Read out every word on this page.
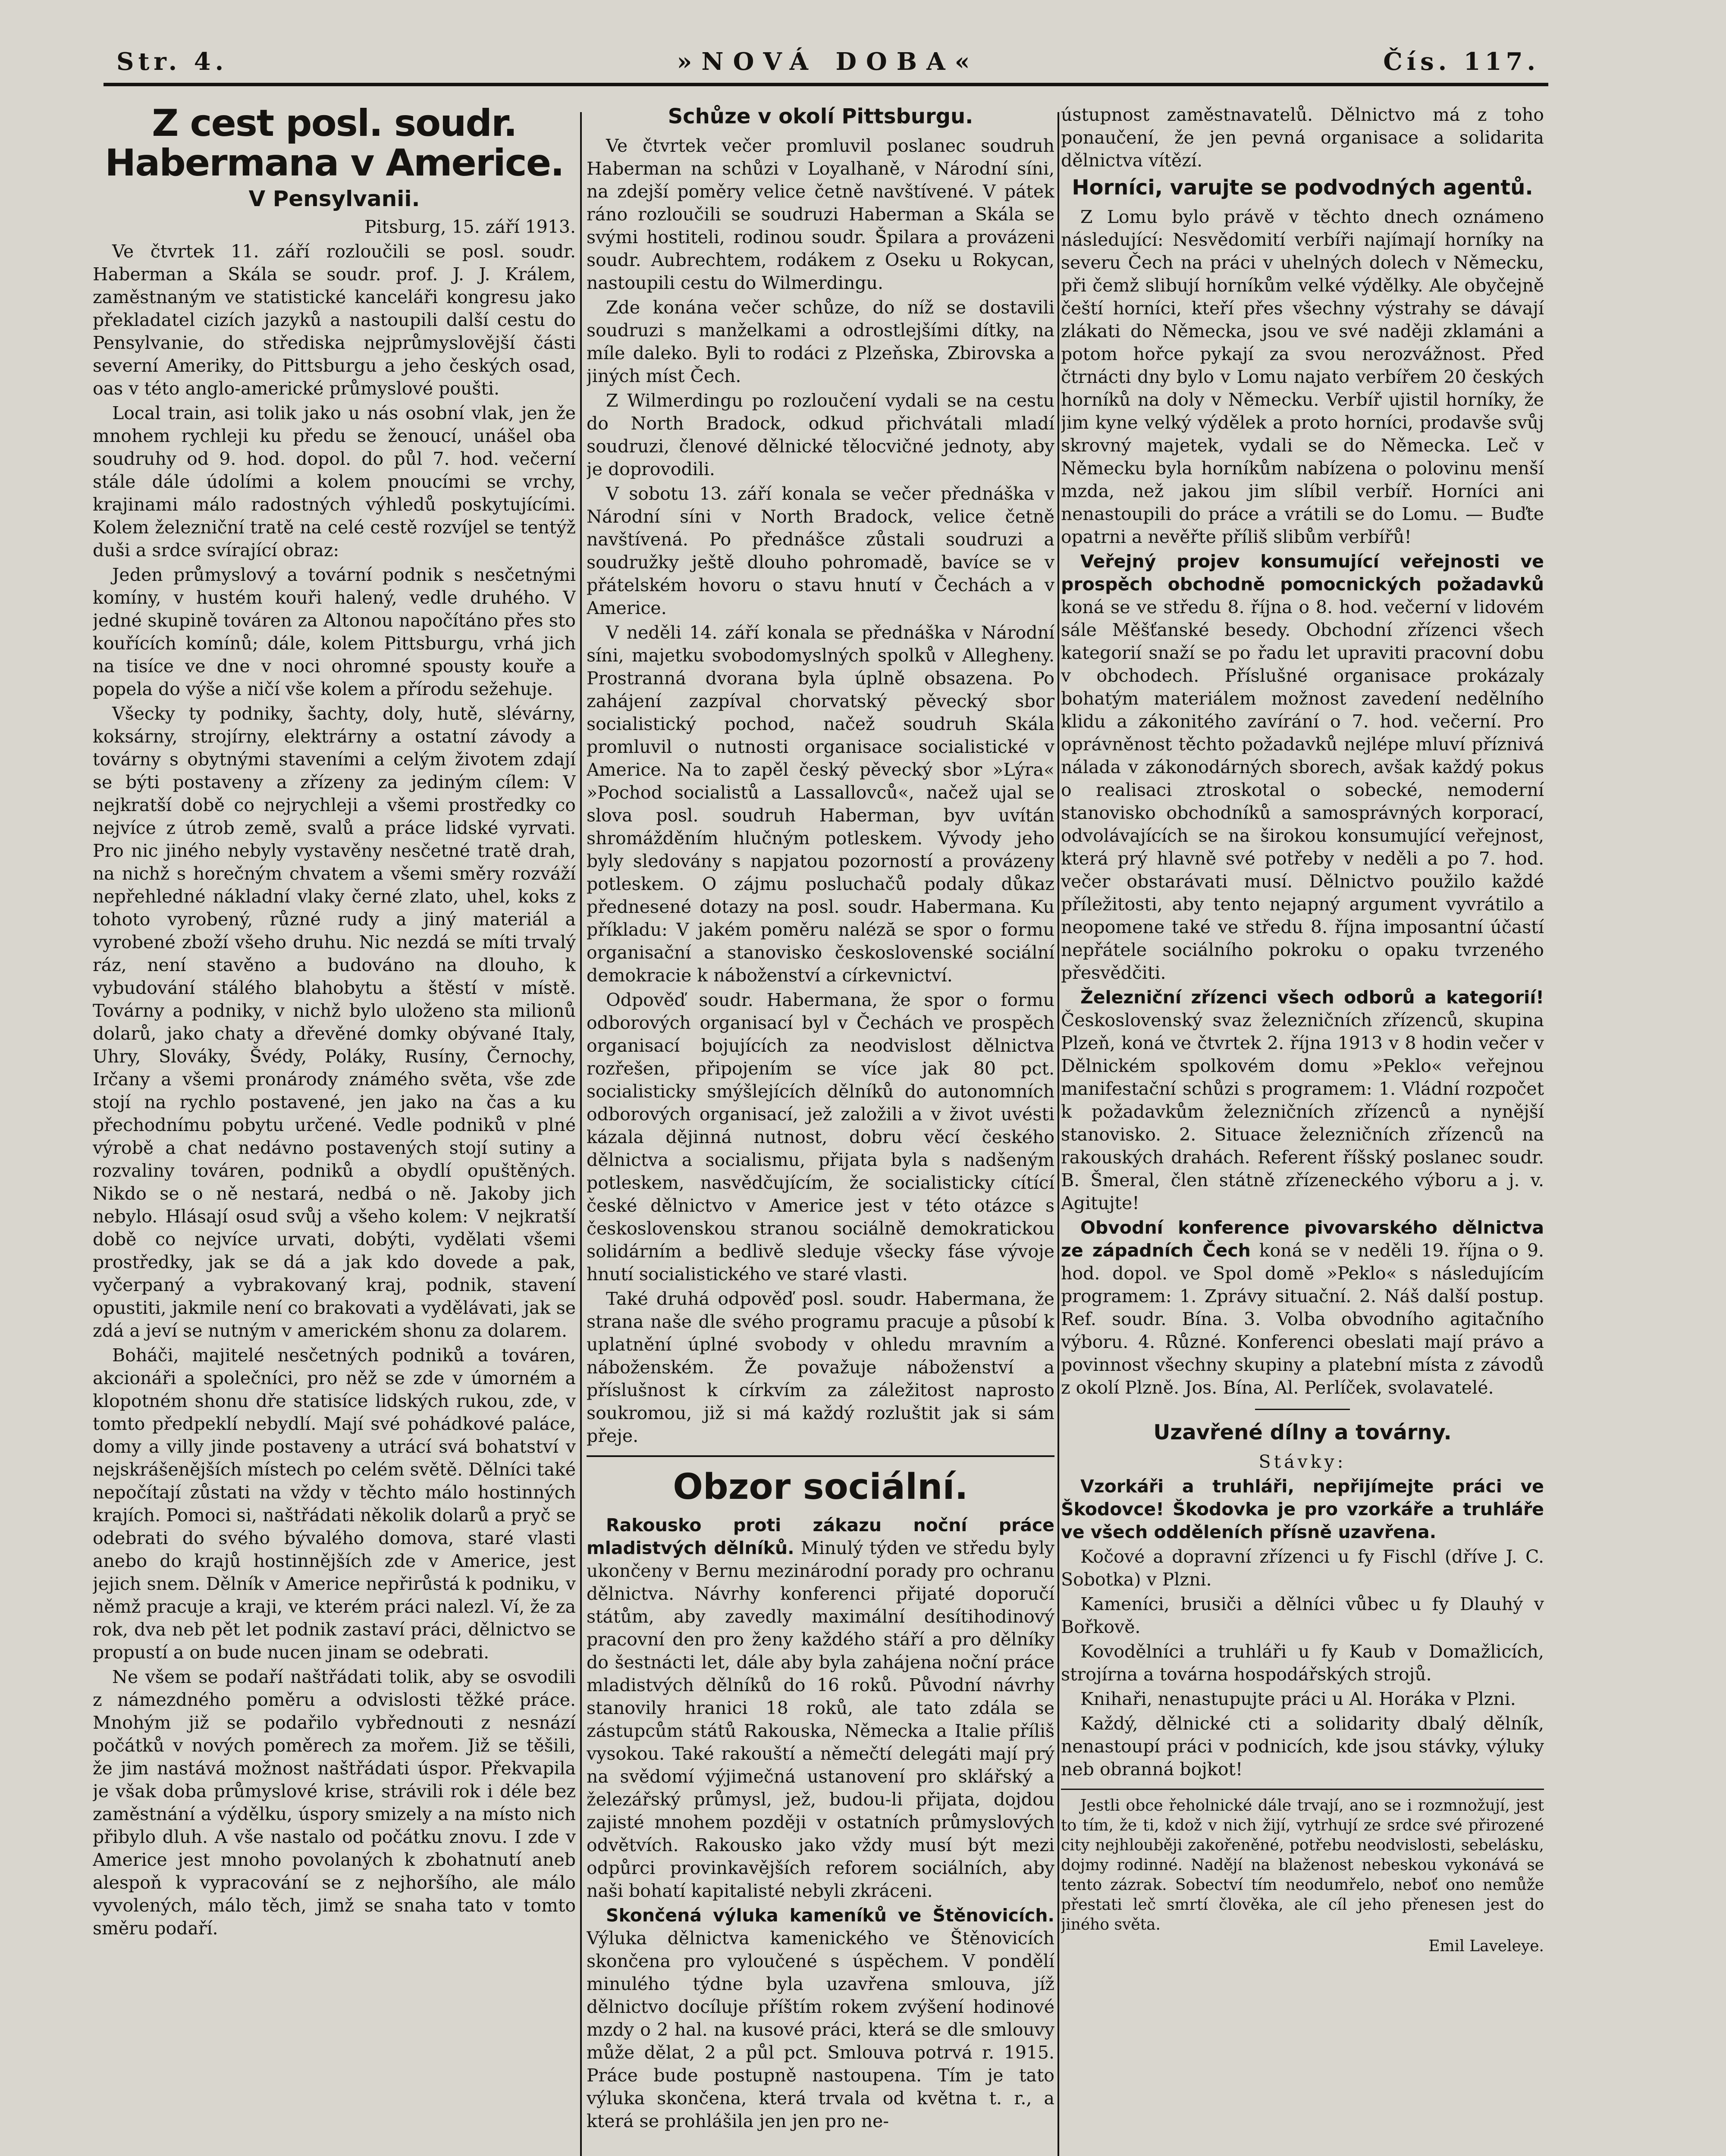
Str. 4.	»NOVÁ DOBA«	Čís. 117.
Z cest posl. soudr. Habermana v Americe.
V Pensylvanii.

Pitsburg, 15. září 1913.

Ve čtvrtek 11. září rozloučili se posl. soudr. Haberman a Skála se soudr. prof. J. J. Králem, zaměstnaným ve statistické kanceláři kongresu jako překladatel cizích jazyků a nastoupili další cestu do Pensylvanie, do střediska nejprůmyslovější části severní Ameriky, do Pittsburgu a jeho českých osad, oas v této anglo-americké průmyslové poušti.

Local train, asi tolik jako u nás osobní vlak, jen že mnohem rychleji ku předu se ženoucí, unášel oba soudruhy od 9. hod. dopol. do půl 7. hod. večerní stále dále údolími a kolem pnoucími se vrchy, krajinami málo radostných výhledů poskytujícími. Kolem železniční tratě na celé cestě rozvíjel se tentýž duši a srdce svírající obraz:

Jeden průmyslový a tovární podnik s nesčetnými komíny, v hustém kouři halený, vedle druhého. V jedné skupině továren za Altonou napočítáno přes sto kouřících komínů; dále, kolem Pittsburgu, vrhá jich na tisíce ve dne v noci ohromné spousty kouře a popela do výše a ničí vše kolem a přírodu sežehuje.

Všecky ty podniky, šachty, doly, hutě, slévárny, koksárny, strojírny, elektrárny a ostatní závody a továrny s obytnými staveními a celým životem zdají se býti postaveny a zřízeny za jediným cílem: V nejkratší době co nejrychleji a všemi prostředky co nejvíce z útrob země, svalů a práce lidské vyrvati. Pro nic jiného nebyly vystavěny nesčetné tratě drah, na nichž s horečným chvatem a všemi směry rozváží nepřehledné nákladní vlaky černé zlato, uhel, koks z tohoto vyrobený, různé rudy a jiný materiál a vyrobené zboží všeho druhu. Nic nezdá se míti trvalý ráz, není stavěno a budováno na dlouho, k vybudování stálého blahobytu a štěstí v místě. Továrny a podniky, v nichž bylo uloženo sta milionů dolarů, jako chaty a dřevěné domky obývané Italy, Uhry, Slováky, Švédy, Poláky, Rusíny, Černochy, Irčany a všemi pronárody známého světa, vše zde stojí na rychlo postavené, jen jako na čas a ku přechodnímu pobytu určené. Vedle podniků v plné výrobě a chat nedávno postavených stojí sutiny a rozvaliny továren, podniků a obydlí opuštěných. Nikdo se o ně nestará, nedbá o ně. Jakoby jich nebylo. Hlásají osud svůj a všeho kolem: V nejkratší době co nejvíce urvati, dobýti, vydělati všemi prostředky, jak se dá a jak kdo dovede a pak, vyčerpaný a vybrakovaný kraj, podnik, stavení opustiti, jakmile není co brakovati a vydělávati, jak se zdá a jeví se nutným v americkém shonu za dolarem.

Boháči, majitelé nesčetných podniků a továren, akcionáři a společníci, pro něž se zde v úmorném a klopotném shonu dře statisíce lidských rukou, zde, v tomto předpeklí nebydlí. Mají své pohádkové paláce, domy a villy jinde postaveny a utrácí svá bohatství v nejskrášenějších místech po celém světě. Dělníci také nepočítají zůstati na vždy v těchto málo hostinných krajích. Pomoci si, naštřádati několik dolarů a pryč se odebrati do svého bývalého domova, staré vlasti anebo do krajů hostinnějších zde v Americe, jest jejich snem. Dělník v Americe nepřirůstá k podniku, v němž pracuje a kraji, ve kterém práci nalezl. Ví, že za rok, dva neb pět let podnik zastaví práci, dělnictvo se propustí a on bude nucen jinam se odebrati.

Ne všem se podaří naštřádati tolik, aby se osvodili z námezdného poměru a odvislosti těžké práce. Mnohým již se podařilo vybřednouti z nesnází počátků v nových poměrech za mořem. Již se těšili, že jim nastává možnost naštřádati úspor. Překvapila je však doba průmyslové krise, strávili rok i déle bez zaměstnání a výdělku, úspory smizely a na místo nich přibylo dluh. A vše nastalo od počátku znovu. I zde v Americe jest mnoho povolaných k zbohatnutí aneb alespoň k vypracování se z nejhoršího, ale málo vyvolených, málo těch, jimž se snaha tato v tomto směru podaří.

Schůze v okolí Pittsburgu.

Ve čtvrtek večer promluvil poslanec soudruh Haberman na schůzi v Loyalhaně, v Národní síni, na zdejší poměry velice četně navštívené. V pátek ráno rozloučili se soudruzi Haberman a Skála se svými hostiteli, rodinou soudr. Špilara a provázeni soudr. Aubrechtem, rodákem z Oseku u Rokycan, nastoupili cestu do Wilmerdingu.

Zde konána večer schůze, do níž se dostavili soudruzi s manželkami a odrostlejšími dítky, na míle daleko. Byli to rodáci z Plzeňska, Zbirovska a jiných míst Čech.

Z Wilmerdingu po rozloučení vydali se na cestu do North Bradock, odkud přichvátali mladí soudruzi, členové dělnické tělocvičné jednoty, aby je doprovodili.

V sobotu 13. září konala se večer přednáška v Národní síni v North Bradock, velice četně navštívená. Po přednášce zůstali soudruzi a soudružky ještě dlouho pohromadě, bavíce se v přátelském hovoru o stavu hnutí v Čechách a v Americe.

V neděli 14. září konala se přednáška v Národní síni, majetku svobodomyslných spolků v Allegheny. Prostranná dvorana byla úplně obsazena. Po zahájení zazpíval chorvatský pěvecký sbor socialistický pochod, načež soudruh Skála promluvil o nutnosti organisace socialistické v Americe. Na to zapěl český pěvecký sbor »Lýra« »Pochod socialistů a Lassallovců«, načež ujal se slova posl. soudruh Haberman, byv uvítán shromážděním hlučným potleskem. Vývody jeho byly sledovány s napjatou pozorností a provázeny potleskem. O zájmu posluchačů podaly důkaz přednesené dotazy na posl. soudr. Habermana. Ku příkladu: V jakém poměru naléză se spor o formu organisační a stanovisko československé sociální demokracie k náboženství a církevnictví.

Odpověď soudr. Habermana, že spor o formu odborových organisací byl v Čechách ve prospěch organisací bojujících za neodvislost dělnictva rozřešen, připojením se více jak 80 pct. socialisticky smýšlejících dělníků do autonomních odborových organisací, jež založili a v život uvésti kázala dějinná nutnost, dobru věcí českého dělnictva a socialismu, přijata byla s nadšeným potleskem, nasvědčujícím, že socialisticky cítící české dělnictvo v Americe jest v této otázce s československou stranou sociálně demokratickou solidárním a bedlivě sleduje všecky fáse vývoje hnutí socialistického ve staré vlasti.

Také druhá odpověď posl. soudr. Habermana, že strana naše dle svého programu pracuje a působí k uplatnění úplné svobody v ohledu mravním a náboženském. Že považuje náboženství a příslušnost k církvím za záležitost naprosto soukromou, již si má každý rozluštit jak si sám přeje.

Obzor sociální.

Rakousko proti zákazu noční práce mladistvých dělníků. Minulý týden ve středu byly ukončeny v Bernu mezinárodní porady pro ochranu dělnictva. Návrhy konferenci přijaté doporučí státům, aby zavedly maximální desítihodinový pracovní den pro ženy každého stáří a pro dělníky do šestnácti let, dále aby byla zahájena noční práce mladistvých dělníků do 16 roků. Původní návrhy stanovily hranici 18 roků, ale tato zdála se zástupcům států Rakouska, Německa a Italie příliš vysokou. Také rakouští a němečtí delegáti mají prý na svědomí výjimečná ustanovení pro sklářský a železářský průmysl, jež, budou-li přijata, dojdou zajisté mnohem později v ostatních průmyslových odvětvích. Rakousko jako vždy musí být mezi odpůrci provinkavějších reforem sociálních, aby naši bohatí kapitalisté nebyli zkráceni.

Skončená výluka kameníků ve Štěnovicích. Výluka dělnictva kamenického ve Štěnovicích skončena pro vyloučené s úspěchem. V pondělí minulého týdne byla uzavřena smlouva, jíž dělnictvo docíluje příštím rokem zvýšení hodinové mzdy o 2 hal. na kusové práci, která se dle smlouvy může dělat, 2 a půl pct. Smlouva potrvá r. 1915. Práce bude postupně nastoupena. Tím je tato výluka skončena, která trvala od května t. r., a která se prohlášila jen jen pro ne-

ústupnost zaměstnavatelů. Dělnictvo má z toho ponaučení, že jen pevná organisace a solidarita dělnictva vítězí.

Horníci, varujte se podvodných agentů.

Z Lomu bylo právě v těchto dnech oznámeno následující: Nesvědomití verbíři najímají horníky na severu Čech na práci v uhelných dolech v Německu, při čemž slibují horníkům velké výdělky. Ale obyčejně čeští horníci, kteří přes všechny výstrahy se dávají zlákati do Německa, jsou ve své naději zklamáni a potom hořce pykají za svou nerozvážnost. Před čtrnácti dny bylo v Lomu najato verbířem 20 českých horníků na doly v Německu. Verbíř ujistil horníky, že jim kyne velký výdělek a proto horníci, prodavše svůj skrovný majetek, vydali se do Německa. Leč v Německu byla horníkům nabízena o polovinu menší mzda, než jakou jim slíbil verbíř. Horníci ani nenastoupili do práce a vrátili se do Lomu. — Buďte opatrni a nevěřte příliš slibům verbířů!

Veřejný projev konsumující veřejnosti ve prospěch obchodně pomocnických požadavků koná se ve středu 8. října o 8. hod. večerní v lidovém sále Měšťanské besedy. Obchodní zřízenci všech kategorií snaží se po řadu let upraviti pracovní dobu v obchodech. Příslušné organisace prokázaly bohatým materiálem možnost zavedení nedělního klidu a zákonitého zavírání o 7. hod. večerní. Pro oprávněnost těchto požadavků nejlépe mluví příznivá nálada v zákonodárných sborech, avšak každý pokus o realisaci ztroskotal o sobecké, nemoderní stanovisko obchodníků a samosprávných korporací, odvolávajících se na širokou konsumující veřejnost, která prý hlavně své potřeby v neděli a po 7. hod. večer obstarávati musí. Dělnictvo použilo každé příležitosti, aby tento nejapný argument vyvrátilo a neopomene také ve středu 8. října imposantní účastí nepřátele sociálního pokroku o opaku tvrzeného přesvědčiti.

Železniční zřízenci všech odborů a kategorií! Československý svaz železničních zřízenců, skupina Plzeň, koná ve čtvrtek 2. října 1913 v 8 hodin večer v Dělnickém spolkovém domu »Peklo« veřejnou manifestační schůzi s programem: 1. Vládní rozpočet k požadavkům železničních zřízenců a nynější stanovisko. 2. Situace železničních zřízenců na rakouských drahách. Referent říšský poslanec soudr. B. Šmeral, člen státně zřízeneckého výboru a j. v. Agitujte!

Obvodní konference pivovarského dělnictva ze západních Čech koná se v neděli 19. října o 9. hod. dopol. ve Spol domě »Peklo« s následujícím programem: 1. Zprávy situační. 2. Náš další postup. Ref. soudr. Bína. 3. Volba obvodního agitačního výboru. 4. Různé. Konferenci obeslati mají právo a povinnost všechny skupiny a platební místa z závodů z okolí Plzně. Jos. Bína, Al. Perlíček, svolavatelé.

Uzavřené dílny a továrny.

Stávky:

Vzorkáři a truhláři, nepřijímejte práci ve Škodovce! Škodovka je pro vzorkáře a truhláře ve všech odděleních přísně uzavřena.

Kočové a dopravní zřízenci u fy Fischl (dříve J. C. Sobotka) v Plzni.

Kameníci, brusiči a dělníci vůbec u fy Dlauhý v Bořkově.

Kovodělníci a truhláři u fy Kaub v Domažlicích, strojírna a továrna hospodářských strojů.

Knihaři, nenastupujte práci u Al. Horáka v Plzni.

Každý, dělnické cti a solidarity dbalý dělník, nenastoupí práci v podnicích, kde jsou stávky, výluky neb obranná bojkot!

Jestli obce řeholnické dále trvají, ano se i rozmnožují, jest to tím, že ti, kdož v nich žijí, vytrhují ze srdce své přirozené city nejhlouběji zakořeněné, potřebu neodvislosti, sebelásku, dojmy rodinné. Nadějí na blaženost nebeskou vykonává se tento zázrak. Sobectví tím neodumřelo, neboť ono nemůže přestati leč smrtí člověka, ale cíl jeho přenesen jest do jiného světa.

Emil Laveleye.
